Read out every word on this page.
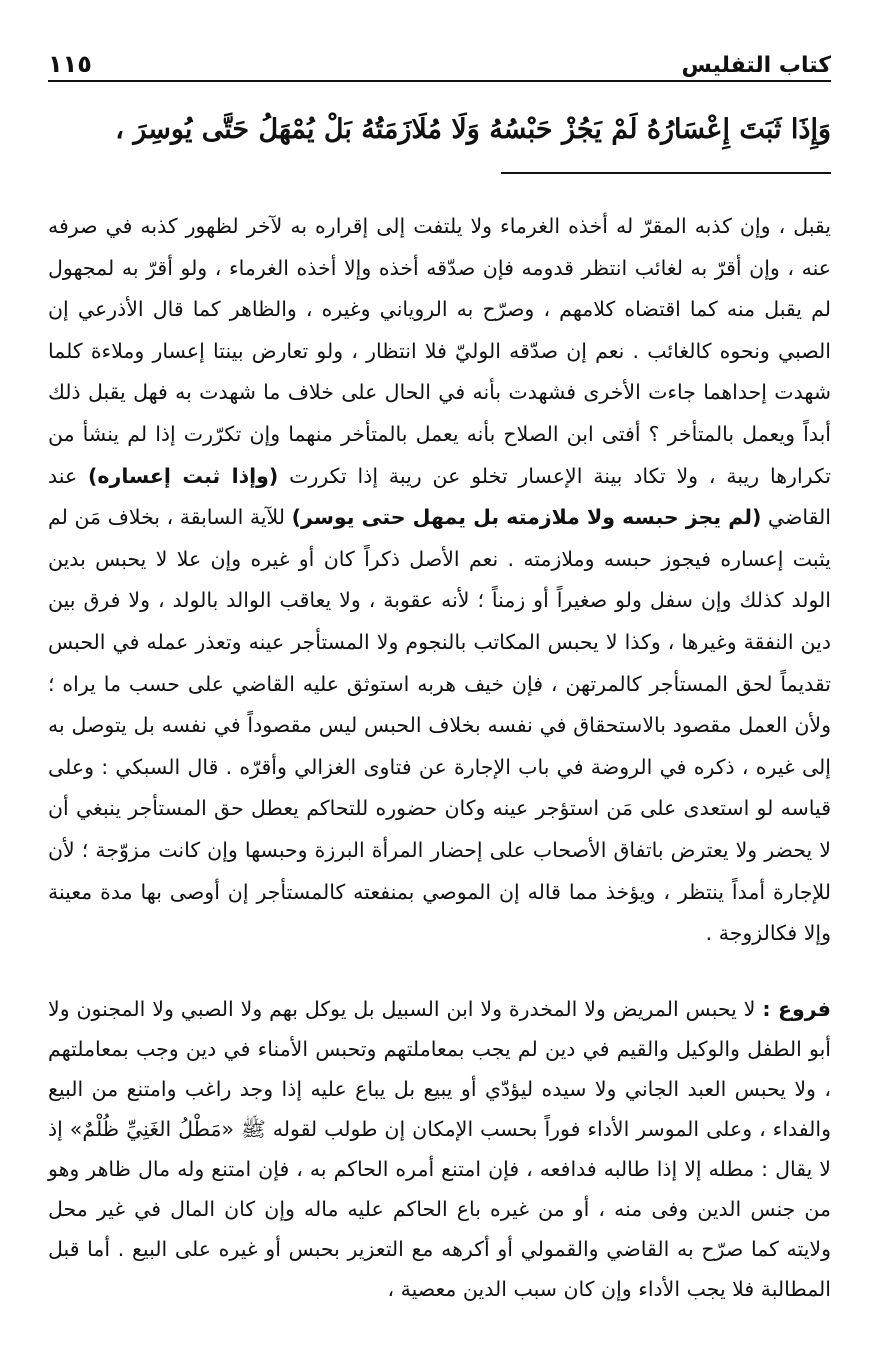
كتاب التفليس
١١٥
وَإِذَا ثَبَتَ إِعْسَارُهُ لَمْ يَجُزْ حَبْسُهُ وَلَا مُلَازَمَتُهُ بَلْ يُمْهَلُ حَتَّى يُوسِرَ ،

يقبل ، وإن كذبه المقرّ له أخذه الغرماء ولا يلتفت إلى إقراره به لآخر لظهور كذبه في صرفه عنه ، وإن أقرّ به لغائب انتظر قدومه فإن صدّقه أخذه وإلا أخذه الغرماء ، ولو أقرّ به لمجهول لم يقبل منه كما اقتضاه كلامهم ، وصرّح به الروياني وغيره ، والظاهر كما قال الأذرعي إن الصبي ونحوه كالغائب . نعم إن صدّقه الوليّ فلا انتظار ، ولو تعارض بينتا إعسار وملاءة كلما شهدت إحداهما جاءت الأخرى فشهدت بأنه في الحال على خلاف ما شهدت به فهل يقبل ذلك أبداً ويعمل بالمتأخر ؟ أفتى ابن الصلاح بأنه يعمل بالمتأخر منهما وإن تكرّرت إذا لم ينشأ من تكرارها ريبة ، ولا تكاد بينة الإعسار تخلو عن ريبة إذا تكررت (وإذا ثبت إعساره) عند القاضي (لم يجز حبسه ولا ملازمته بل يمهل حتى يوسر) للآية السابقة ، بخلاف مَن لم يثبت إعساره فيجوز حبسه وملازمته . نعم الأصل ذكراً كان أو غيره وإن علا لا يحبس بدين الولد كذلك وإن سفل ولو صغيراً أو زمناً ؛ لأنه عقوبة ، ولا يعاقب الوالد بالولد ، ولا فرق بين دين النفقة وغيرها ، وكذا لا يحبس المكاتب بالنجوم ولا المستأجر عينه وتعذر عمله في الحبس تقديماً لحق المستأجر كالمرتهن ، فإن خيف هربه استوثق عليه القاضي على حسب ما يراه ؛ ولأن العمل مقصود بالاستحقاق في نفسه بخلاف الحبس ليس مقصوداً في نفسه بل يتوصل به إلى غيره ، ذكره في الروضة في باب الإجارة عن فتاوى الغزالي وأقرّه . قال السبكي : وعلى قياسه لو استعدى على مَن استؤجر عينه وكان حضوره للتحاكم يعطل حق المستأجر ينبغي أن لا يحضر ولا يعترض باتفاق الأصحاب على إحضار المرأة البرزة وحبسها وإن كانت مزوّجة ؛ لأن للإجارة أمداً ينتظر ، ويؤخذ مما قاله إن الموصي بمنفعته كالمستأجر إن أوصى بها مدة معينة وإلا فكالزوجة .

فروع : لا يحبس المريض ولا المخدرة ولا ابن السبيل بل يوكل بهم ولا الصبي ولا المجنون ولا أبو الطفل والوكيل والقيم في دين لم يجب بمعاملتهم وتحبس الأمناء في دين وجب بمعاملتهم ، ولا يحبس العبد الجاني ولا سيده ليؤدّي أو يبيع بل يباع عليه إذا وجد راغب وامتنع من البيع والفداء ، وعلى الموسر الأداء فوراً بحسب الإمكان إن طولب لقوله ﷺ «مَطْلُ الغَنِيِّ ظُلْمٌ» إذ لا يقال : مطله إلا إذا طالبه فدافعه ، فإن امتنع أمره الحاكم به ، فإن امتنع وله مال ظاهر وهو من جنس الدين وفى منه ، أو من غيره باع الحاكم عليه ماله وإن كان المال في غير محل ولايته كما صرّح به القاضي والقمولي أو أكرهه مع التعزير بحبس أو غيره على البيع . أما قبل المطالبة فلا يجب الأداء وإن كان سبب الدين معصية ،
